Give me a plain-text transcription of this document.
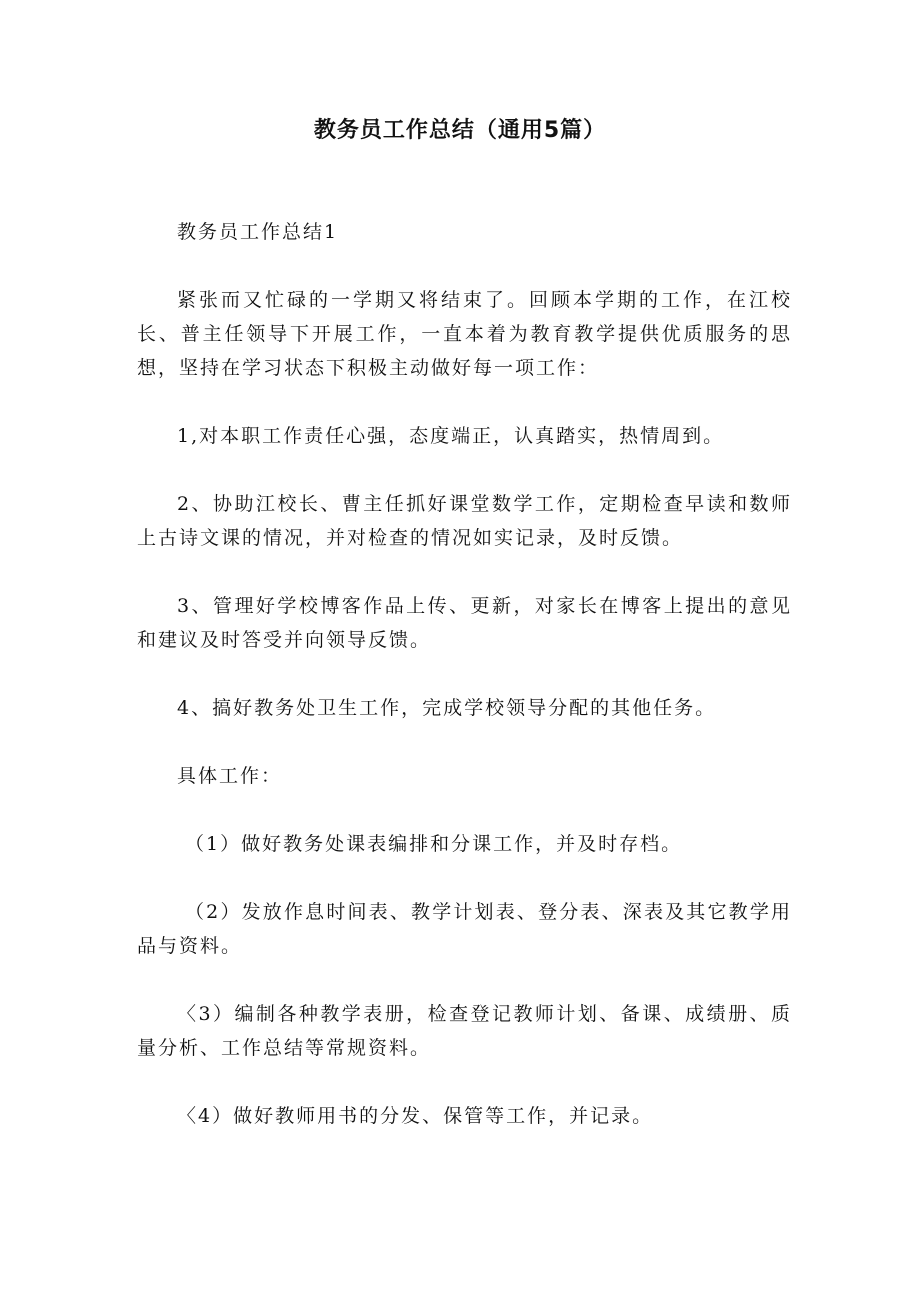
教务员工作总结（通用5篇）

教务员工作总结1

紧张而又忙碌的一学期又将结束了。回顾本学期的工作，在江校长、普主任领导下开展工作，一直本着为教育教学提供优质服务的思想，坚持在学习状态下积极主动做好每一项工作：

1,对本职工作责任心强，态度端正，认真踏实，热情周到。

2、协助江校长、曹主任抓好课堂数学工作，定期检查早读和数师上古诗文课的情况，并对检查的情况如实记录，及时反馈。

3、管理好学校博客作品上传、更新，对家长在博客上提出的意见和建议及时答受并向领导反馈。

4、搞好教务处卫生工作，完成学校领导分配的其他任务。

具体工作：

（1）做好教务处课表编排和分课工作，并及时存档。

（2）发放作息时间表、教学计划表、登分表、深表及其它教学用品与资料。

〈3）编制各种教学表册，检查登记教师计划、备课、成绩册、质量分析、工作总结等常规资料。

〈4）做好教师用书的分发、保管等工作，并记录。
